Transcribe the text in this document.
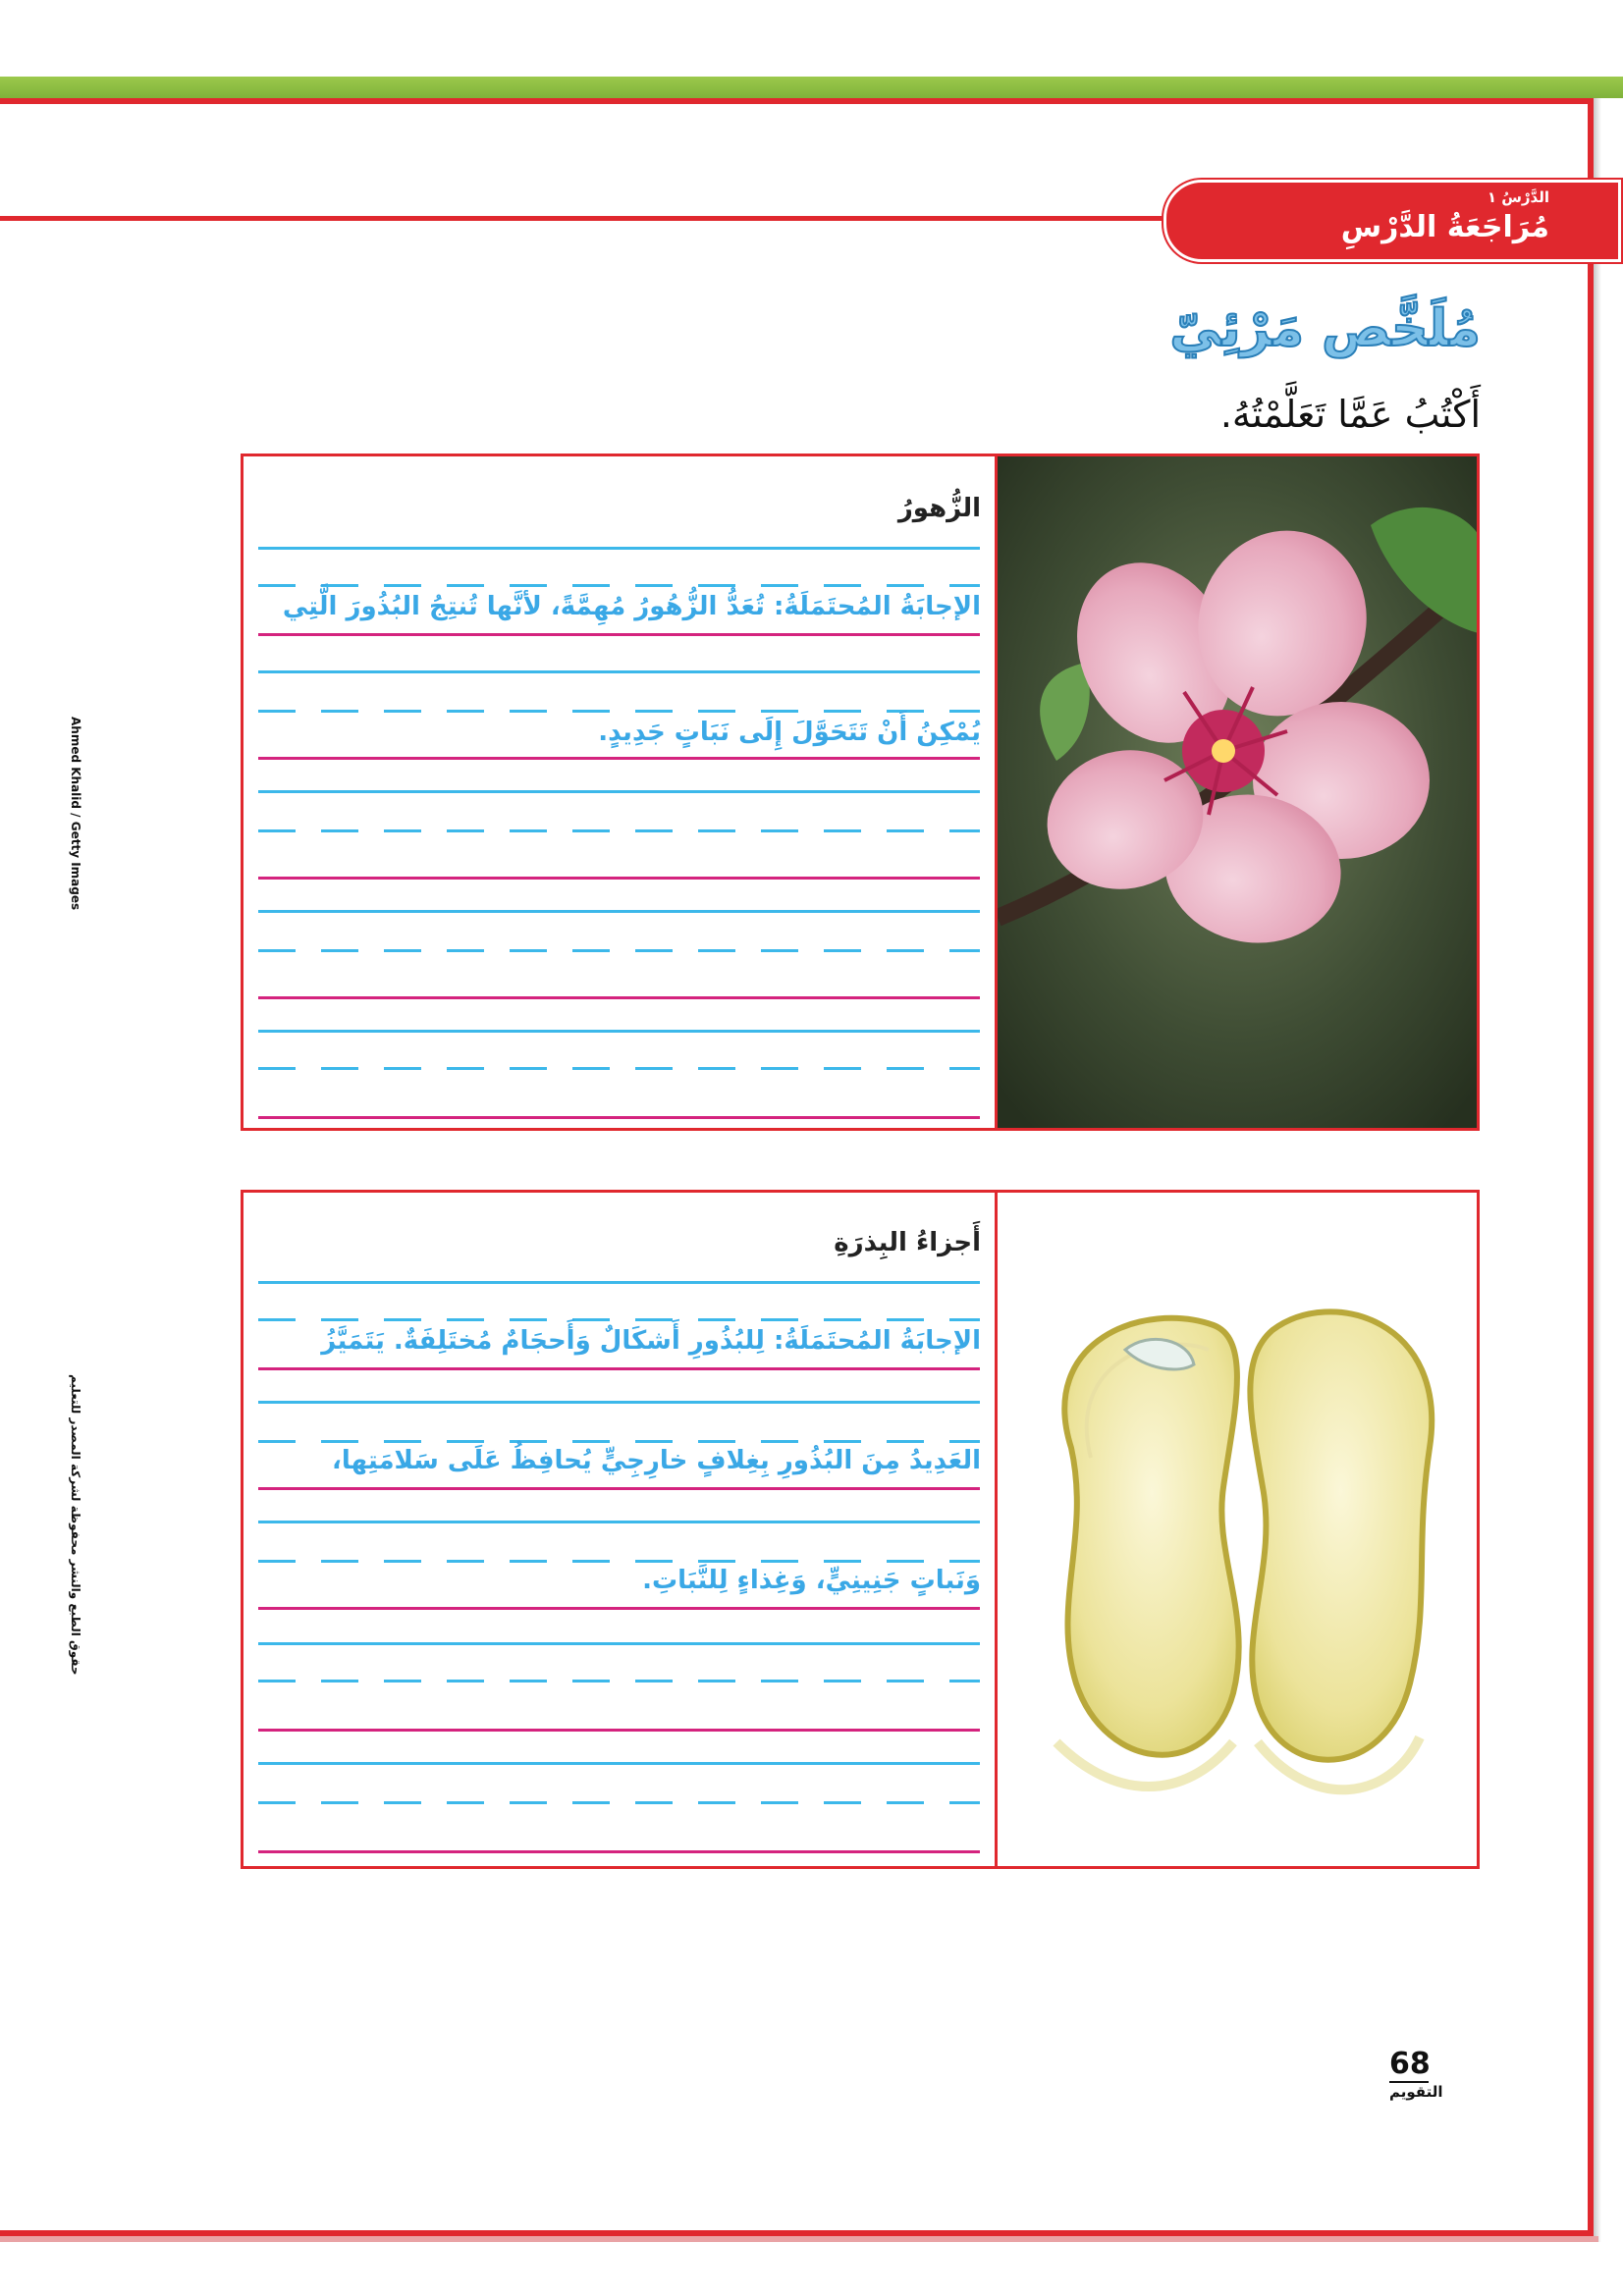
الدَّرْسُ ١
مُرَاجَعَةُ الدَّرْسِ
مُلَخَّص مَرْئِيّ
أَكْتُبُ عَمَّا تَعَلَّمْتُهُ.
الزُّهورُ
الإجابَةُ المُحتَمَلَةُ: تُعَدُّ الزُّهُورُ مُهِمَّةً، لأنَّها تُنتِجُ البُذُورَ الَّتِي
يُمْكِنُ أَنْ تَتَحَوَّلَ إِلَى نَبَاتٍ جَدِيدٍ.
أَجزاءُ البِذرَةِ
الإجابَةُ المُحتَمَلَةُ: لِلبُذُورِ أَشكَالٌ وَأَحجَامٌ مُختَلِفَةٌ. يَتَمَيَّزُ
العَدِيدُ مِنَ البُذُورِ بِغِلافٍ خارِجِيٍّ يُحافِظُ عَلَى سَلامَتِها،
وَنَباتٍ جَنِينِيٍّ، وَغِذاءٍ لِلنَّبَاتِ.
Ahmed Khalid / Getty Images
حقوق الطبع والنشر محفوظة لشركة المصدر للتعليم
68
التقويم
